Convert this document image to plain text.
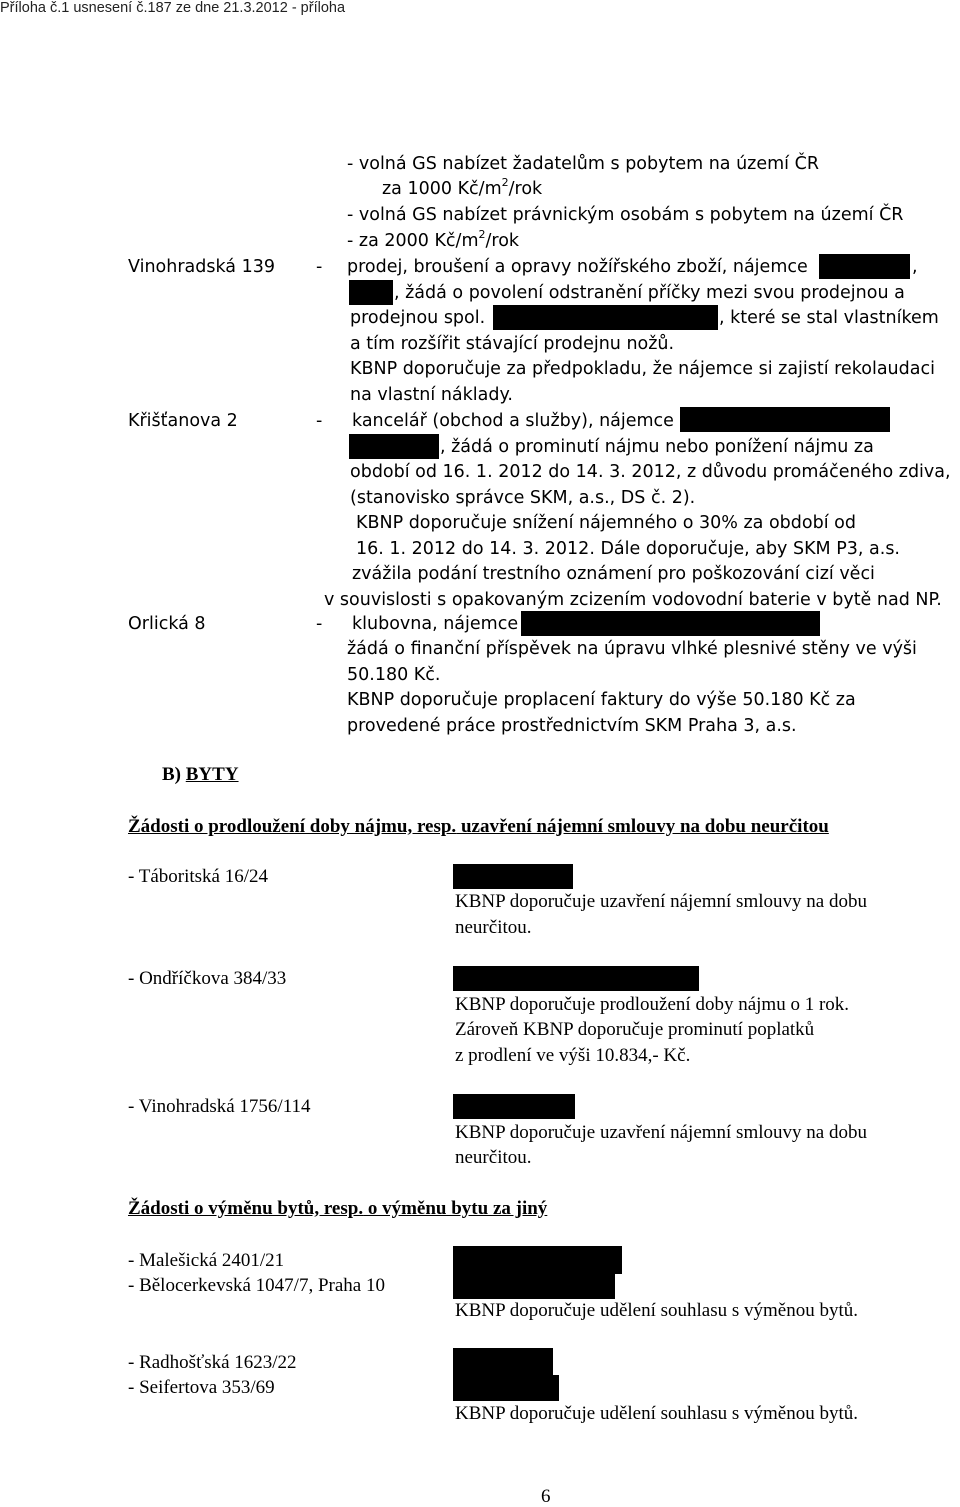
Příloha č.1 usnesení č.187 ze dne 21.3.2012 - příloha
- volná GS nabízet žadatelům s pobytem na území ČR
za 1000 $Kč/m^2$/rok
- volná GS nabízet právnickým osobám s pobytem na území ČR
- za 2000 $Kč/m^2$/rok
Vinohradská 139 - prodej, broušení a opravy nožířského zboží, nájemce	,
, žádá o povolení odstranění příčky mezi svou prodejnou a
prodejnou spol.	, které se stal vlastníkem
a tím rozšířit stávající prodejnu nožů.
KBNP doporučuje za předpokladu, že nájemce si zajistí rekolaudaci
na vlastní náklady.
Křišťanova 2	- kancelář (obchod a služby), nájemce
, žádá o prominutí nájmu nebo ponížení nájmu za
období od 16. 1. 2012 do 14. 3. 2012, z důvodu promáčeného zdiva,
(stanovisko správce SKM, a.s., DS č. 2).
KBNP doporučuje snížení nájemného o 30% za období od
16. 1. 2012 do 14. 3. 2012. Dále doporučuje, aby SKM P3, a.s.
zvážila podání trestního oznámení pro poškozování cizí věci
v souvislosti s opakovaným zcizením vodovodní baterie v bytě nad NP.
Orlická 8	- klubovna, nájemce
žádá o finanční příspěvek na úpravu vlhké plesnivé stěny ve výši
50.180 Kč.
KBNP doporučuje proplacení faktury do výše 50.180 Kč za
provedené práce prostřednictvím SKM Praha 3, a.s.
B) BYTY
Žádosti o prodloužení doby nájmu, resp. uzavření nájemní smlouvy na dobu neurčitou
- Táboritská 16/24
KBNP doporučuje uzavření nájemní smlouvy na dobu
neurčitou.
- Ondříčkova 384/33
KBNP doporučuje prodloužení doby nájmu o 1 rok.
Zároveň KBNP doporučuje prominutí poplatků
z prodlení ve výši 10.834,- Kč.
- Vinohradská 1756/114
KBNP doporučuje uzavření nájemní smlouvy na dobu
neurčitou.
Žádosti o výměnu bytů, resp. o výměnu bytu za jiný
- Malešická 2401/21
- Bělocerkevská 1047/7, Praha 10
KBNP doporučuje udělení souhlasu s výměnou bytů.
- Radhošťská 1623/22
- Seifertova 353/69
KBNP doporučuje udělení souhlasu s výměnou bytů.
6
